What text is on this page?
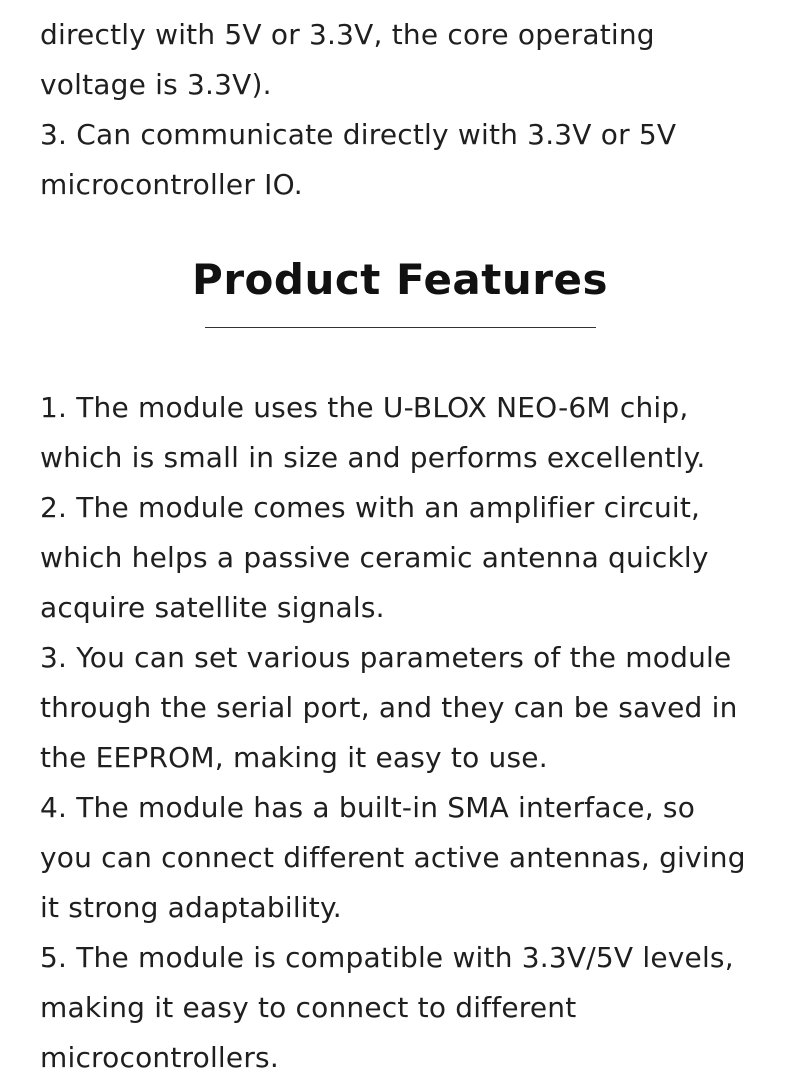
directly with 5V or 3.3V, the core operating
voltage is 3.3V).
3. Can communicate directly with 3.3V or 5V
microcontroller IO.
Product Features
1. The module uses the U-BLOX NEO-6M chip,
which is small in size and performs excellently.
2. The module comes with an amplifier circuit,
which helps a passive ceramic antenna quickly
acquire satellite signals.
3. You can set various parameters of the module
through the serial port, and they can be saved in
the EEPROM, making it easy to use.
4. The module has a built-in SMA interface, so
you can connect different active antennas, giving
it strong adaptability.
5. The module is compatible with 3.3V/5V levels,
making it easy to connect to different
microcontrollers.
